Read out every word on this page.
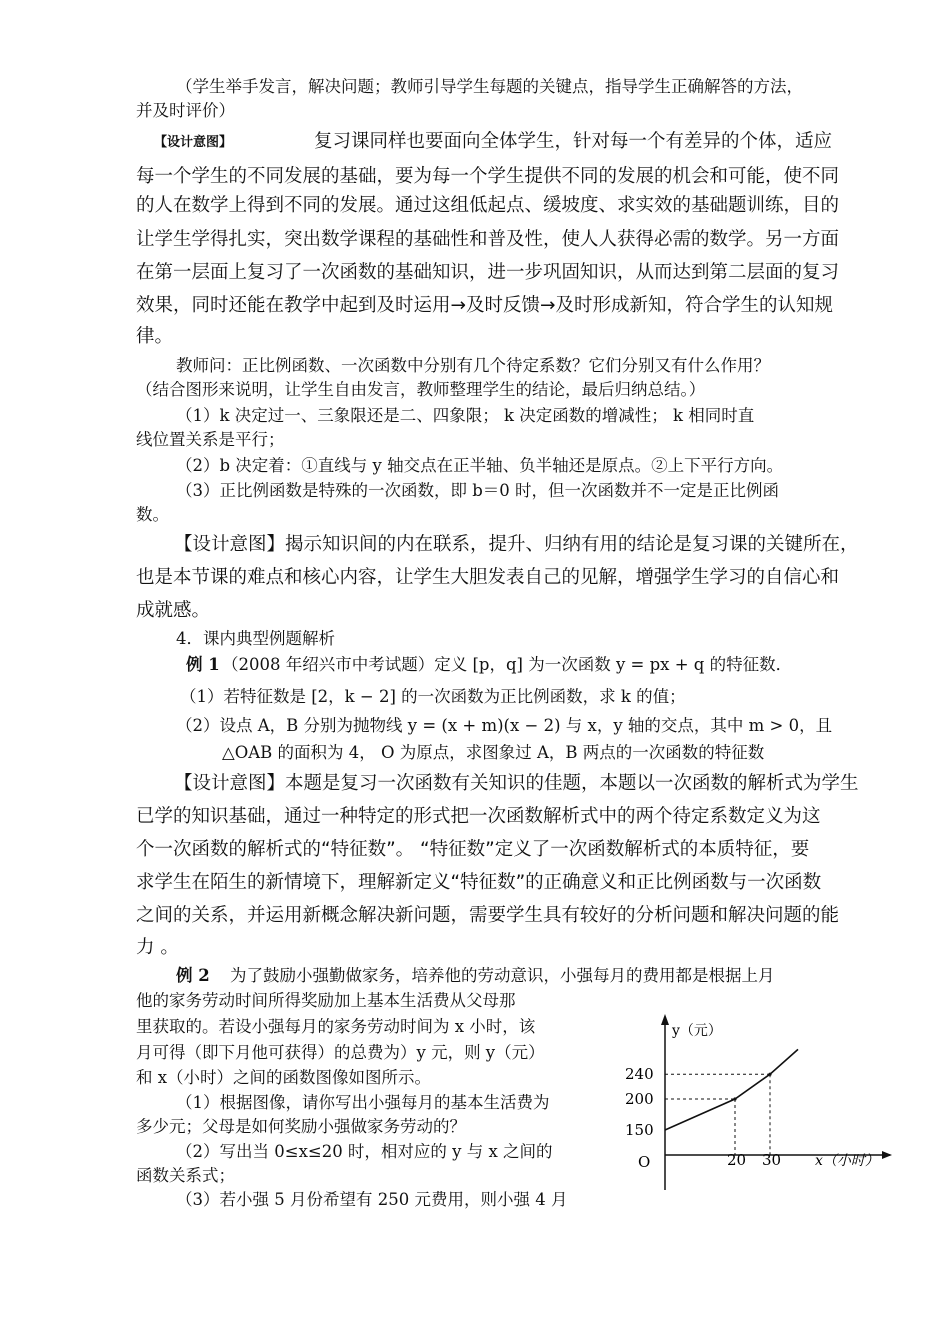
（学生举手发言，解决问题；教师引导学生每题的关键点，指导学生正确解答的方法，
并及时评价）
【设计意图】	复习课同样也要面向全体学生，针对每一个有差异的个体，适应
每一个学生的不同发展的基础，要为每一个学生提供不同的发展的机会和可能，使不同
的人在数学上得到不同的发展。通过这组低起点、缓坡度、求实效的基础题训练，目的
让学生学得扎实，突出数学课程的基础性和普及性，使人人获得必需的数学。另一方面
在第一层面上复习了一次函数的基础知识，进一步巩固知识，从而达到第二层面的复习
效果，同时还能在教学中起到及时运用→及时反馈→及时形成新知，符合学生的认知规
律。
教师问：正比例函数、一次函数中分别有几个待定系数？它们分别又有什么作用？
（结合图形来说明，让学生自由发言，教师整理学生的结论，最后归纳总结。）
（1）k 决定过一、三象限还是二、四象限； k 决定函数的增减性； k 相同时直
线位置关系是平行；
（2）b 决定着：①直线与 y 轴交点在正半轴、负半轴还是原点。②上下平行方向。
（3）正比例函数是特殊的一次函数，即 b＝0 时，但一次函数并不一定是正比例函
数。
【设计意图】揭示知识间的内在联系，提升、归纳有用的结论是复习课的关键所在，
也是本节课的难点和核心内容，让学生大胆发表自己的见解，增强学生学习的自信心和
成就感。
4．课内典型例题解析
例 1 （2008 年绍兴市中考试题）定义 [p，q] 为一次函数 y = px + q 的特征数．
（1）若特征数是 [2，k − 2] 的一次函数为正比例函数，求 k 的值；
（2）设点 A，B 分别为抛物线 y = (x + m)(x − 2) 与 x，y 轴的交点，其中 m > 0，且
△OAB 的面积为 4， O 为原点，求图象过 A，B 两点的一次函数的特征数
【设计意图】本题是复习一次函数有关知识的佳题，本题以一次函数的解析式为学生
已学的知识基础，通过一种特定的形式把一次函数解析式中的两个待定系数定义为这
个一次函数的解析式的“特征数”。 “特征数”定义了一次函数解析式的本质特征，要
求学生在陌生的新情境下，理解新定义“特征数”的正确意义和正比例函数与一次函数
之间的关系，并运用新概念解决新问题，需要学生具有较好的分析问题和解决问题的能
力 。
例 2 为了鼓励小强勤做家务，培养他的劳动意识，小强每月的费用都是根据上月
他的家务劳动时间所得奖励加上基本生活费从父母那
里获取的。若设小强每月的家务劳动时间为 x 小时，该
月可得（即下月他可获得）的总费为）y 元，则 y（元）
和 x（小时）之间的函数图像如图所示。
（1）根据图像，请你写出小强每月的基本生活费为
多少元；父母是如何奖励小强做家务劳动的？
（2）写出当 0≤x≤20 时，相对应的 y 与 x 之间的
函数关系式；
（3）若小强 5 月份希望有 250 元费用，则小强 4 月
y（元）
x（小时）
O
150
200
240
20 30
